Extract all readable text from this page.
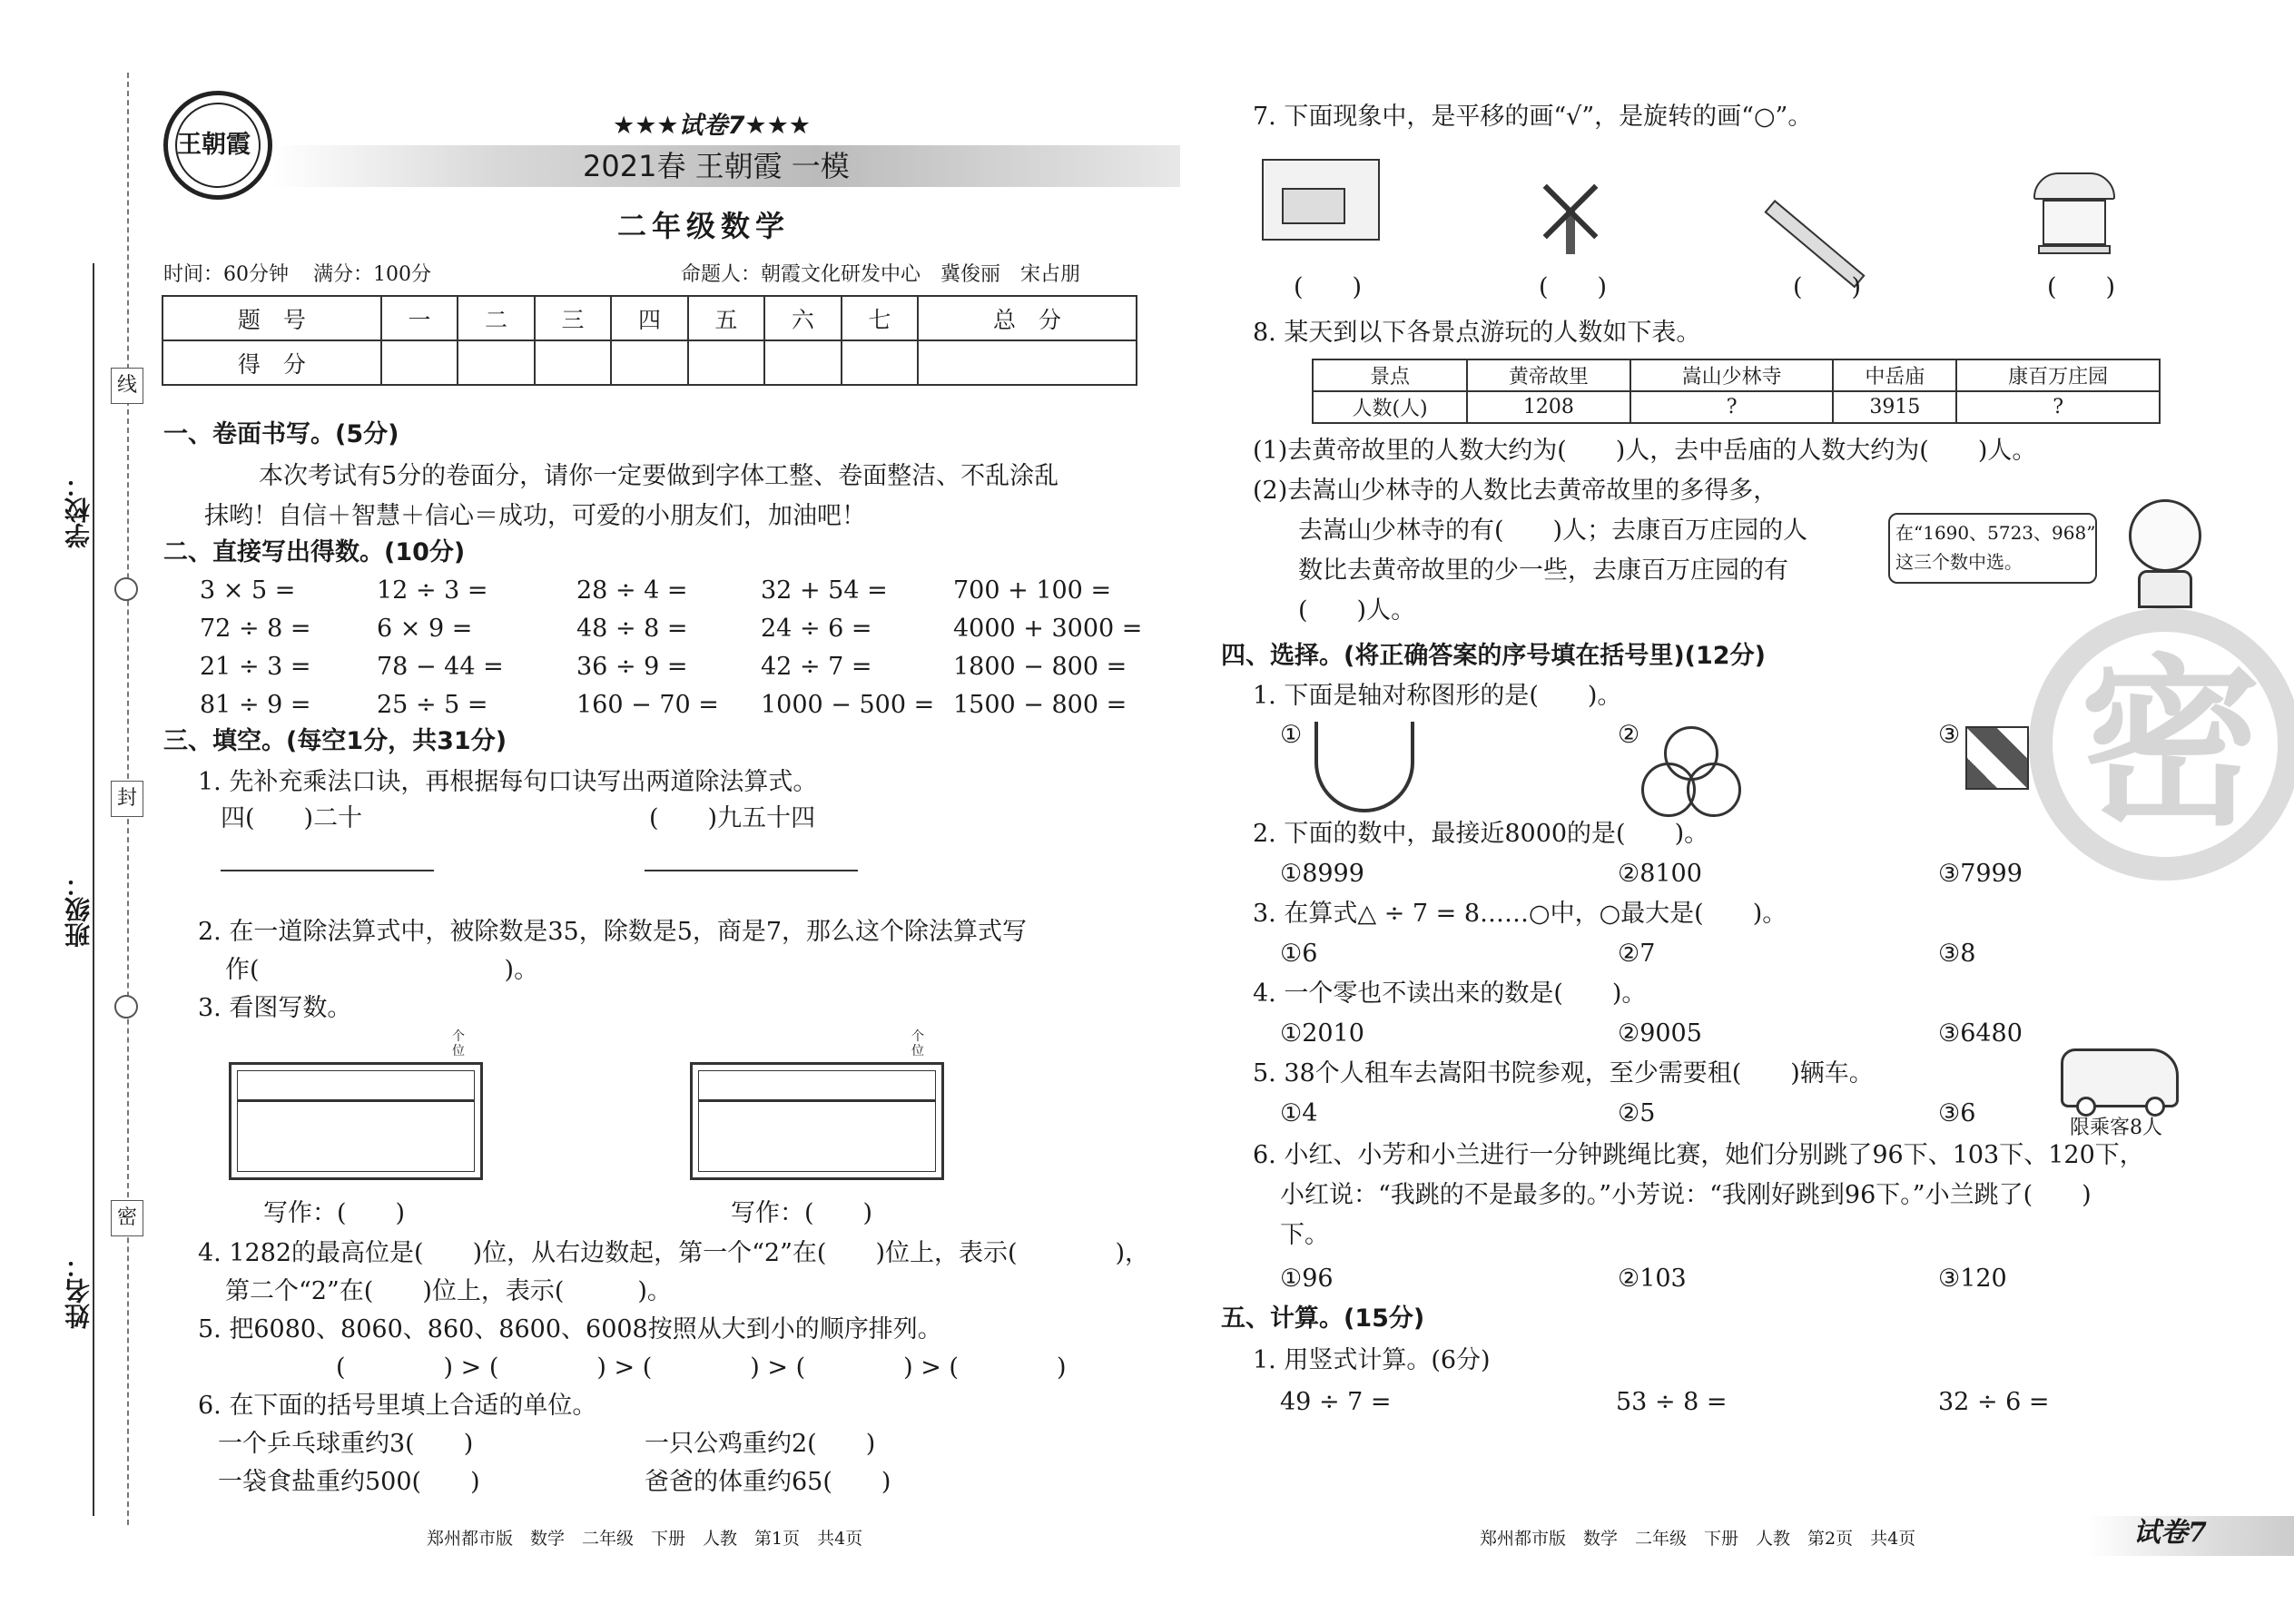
学校：
班级：
姓名：
线
封
密
王朝霞
★★★试卷7★★★
2021春 王朝霞 一模
二年级数学
时间：60分钟 满分：100分	命题人：朝霞文化研发中心　冀俊丽　宋占朋
题　号	一	二	三	四	五	六	七	总　分
得　分								
一、卷面书写。(5分)
本次考试有5分的卷面分，请你一定要做到字体工整、卷面整洁、不乱涂乱
抹哟！自信＋智慧＋信心＝成功，可爱的小朋友们，加油吧！
二、直接写出得数。(10分)
3 × 5 =	12 ÷ 3 =	28 ÷ 4 =	32 + 54 =	700 + 100 =
72 ÷ 8 =	6 × 9 =	48 ÷ 8 =	24 ÷ 6 =	4000 + 3000 =
21 ÷ 3 =	78 − 44 =	36 ÷ 9 =	42 ÷ 7 =	1800 − 800 =
81 ÷ 9 =	25 ÷ 5 =	160 − 70 = 1000 − 500 = 1500 − 800 =
三、填空。(每空1分，共31分)
1. 先补充乘法口诀，再根据每句口诀写出两道除法算式。
四(　　)二十	(　　)九五十四
2. 在一道除法算式中，被除数是35，除数是5，商是7，那么这个除法算式写
作(　　　　　　　　　　)。
3. 看图写数。
个
位
写作：(　　)
个
位
写作：(　　)
4. 1282的最高位是(　　)位，从右边数起，第一个“2”在(　　)位上，表示(　　　　)，
第二个“2”在(　　)位上，表示(　　　)。
5. 把6080、8060、860、8600、6008按照从大到小的顺序排列。
(　　　　) > (　　　　) > (　　　　) > (　　　　) > (　　　　)
6. 在下面的括号里填上合适的单位。
一个乒乓球重约3(　　)	一只公鸡重约2(　　)
一袋食盐重约500(　　)	爸爸的体重约65(　　)
郑州都市版　数学　二年级　下册　人教　第1页　共4页
7. 下面现象中，是平移的画“√”，是旋转的画“○”。
(　　)	(　　)	(　　)	(　　)
8. 某天到以下各景点游玩的人数如下表。
景点	黄帝故里	嵩山少林寺	中岳庙	康百万庄园
人数(人)	1208	?	3915	?
(1)去黄帝故里的人数大约为(　　)人，去中岳庙的人数大约为(　　)人。
(2)去嵩山少林寺的人数比去黄帝故里的多得多，
去嵩山少林寺的有(　　)人；去康百万庄园的人
数比去黄帝故里的少一些，去康百万庄园的有
(　　)人。
在“1690、5723、968”
这三个数中选。
四、选择。(将正确答案的序号填在括号里)(12分)
1. 下面是轴对称图形的是(　　)。
①	②	③
2. 下面的数中，最接近8000的是(　　)。
①8999	②8100	③7999
3. 在算式△ ÷ 7 = 8……○中，○最大是(　　)。
①6	②7	③8
4. 一个零也不读出来的数是(　　)。
①2010	②9005	③6480
5. 38个人租车去嵩阳书院参观，至少需要租(　　)辆车。
①4	②5	③6
限乘客8人
6. 小红、小芳和小兰进行一分钟跳绳比赛，她们分别跳了96下、103下、120下，
小红说：“我跳的不是最多的。”小芳说：“我刚好跳到96下。”小兰跳了(　　)
下。
①96	②103	③120
五、计算。(15分)
1. 用竖式计算。(6分)
49 ÷ 7 =	53 ÷ 8 =	32 ÷ 6 =
密
郑州都市版　数学　二年级　下册　人教　第2页　共4页	试卷7
